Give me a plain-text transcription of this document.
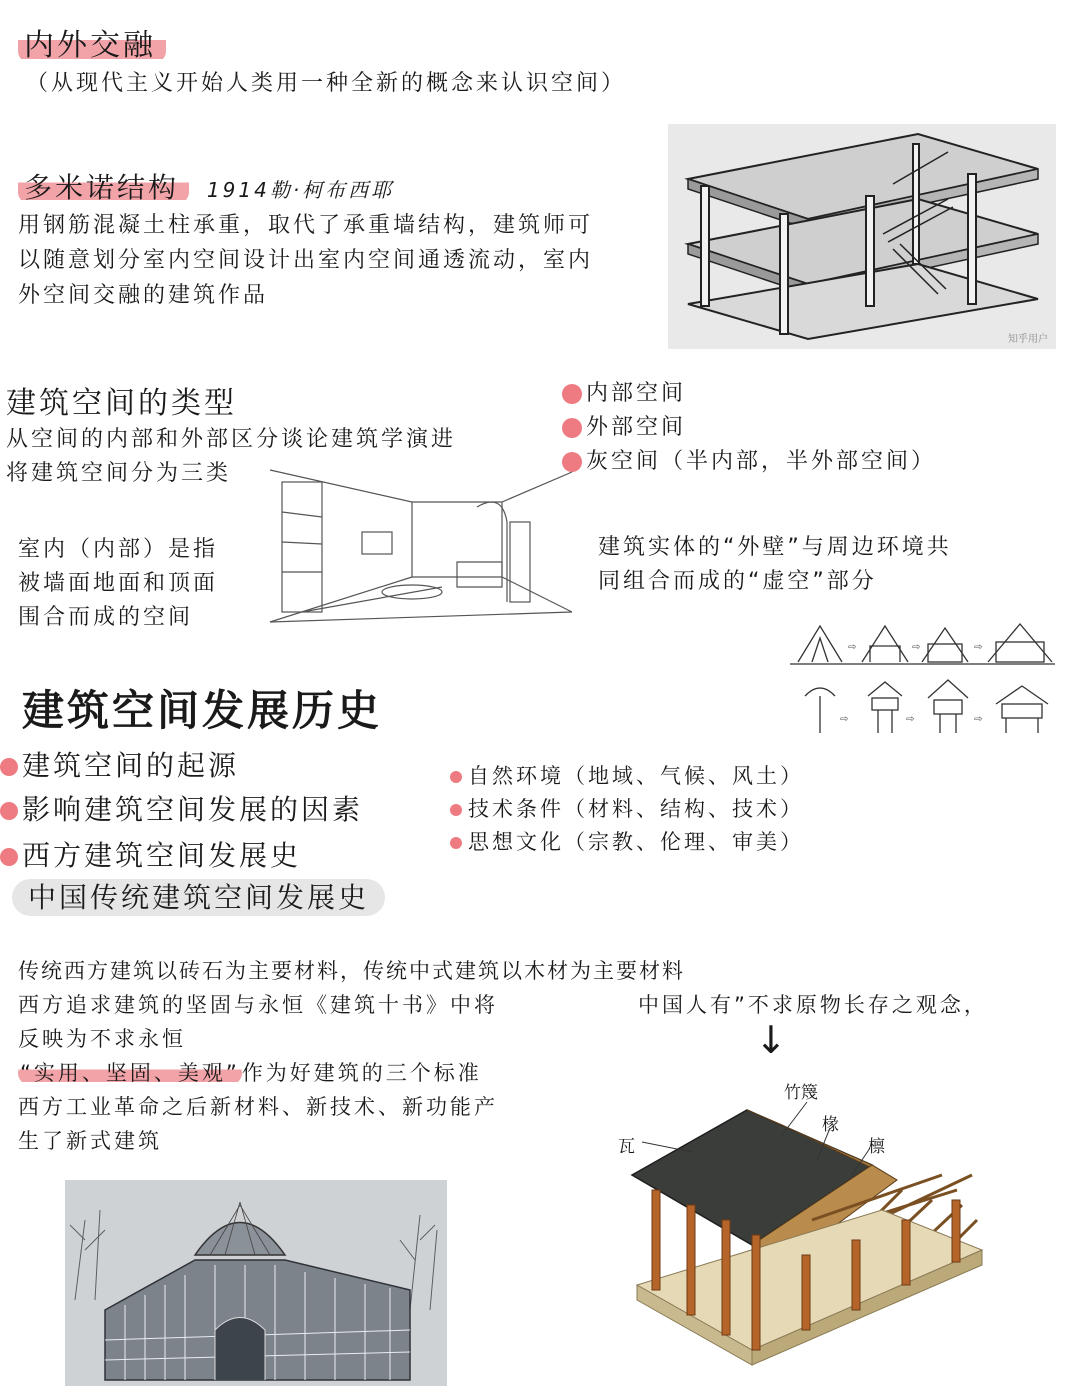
内外交融
（从现代主义开始人类用一种全新的概念来认识空间）
多米诺结构 1914勒·柯布西耶
用钢筋混凝土柱承重，取代了承重墙结构，建筑师可
以随意划分室内空间设计出室内空间通透流动，室内
外空间交融的建筑作品
知乎用户
建筑空间的类型
从空间的内部和外部区分谈论建筑学演进
将建筑空间分为三类
内部空间
外部空间
灰空间（半内部，半外部空间）
室内（内部）是指
被墙面地面和顶面
围合而成的空间
建筑实体的“外壁”与周边环境共
同组合而成的“虚空”部分
⇨	⇨	⇨
⇨	⇨	⇨
建筑空间发展历史
建筑空间的起源
影响建筑空间发展的因素
西方建筑空间发展史
中国传统建筑空间发展史
自然环境（地域、气候、风土）
技术条件（材料、结构、技术）
思想文化（宗教、伦理、审美）
传统西方建筑以砖石为主要材料，传统中式建筑以木材为主要材料
西方追求建筑的坚固与永恒《建筑十书》中将
反映为不求永恒
“实用、坚固、美观”作为好建筑的三个标准
西方工业革命之后新材料、新技术、新功能产
生了新式建筑
中国人有”不求原物长存之观念，
↓
竹篾
椽
檩
瓦
